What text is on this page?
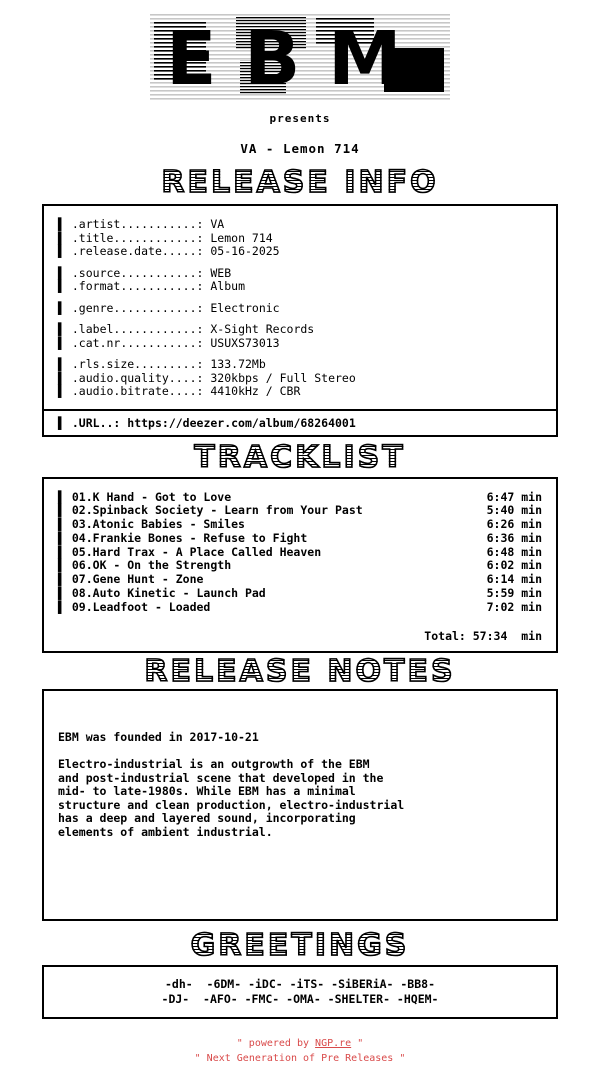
E B M
presents
VA - Lemon 714
RELEASE INFO
▌ .artist...........: VA
▌ .title............: Lemon 714
▌ .release.date.....: 05-16-2025
▌ .source...........: WEB
▌ .format...........: Album
▌ .genre............: Electronic
▌ .label............: X-Sight Records
▌ .cat.nr...........: USUXS73013
▌ .rls.size.........: 133.72Mb
▌ .audio.quality....: 320kbps / Full Stereo
▌ .audio.bitrate....: 4410kHz / CBR
▌ .URL..: https://deezer.com/album/68264001
TRACKLIST
▌ 01.K Hand - Got to Love	6:47 min
▌ 02.Spinback Society - Learn from Your Past	5:40 min
▌ 03.Atonic Babies - Smiles	6:26 min
▌ 04.Frankie Bones - Refuse to Fight	6:36 min
▌ 05.Hard Trax - A Place Called Heaven	6:48 min
▌ 06.OK - On the Strength	6:02 min
▌ 07.Gene Hunt - Zone	6:14 min
▌ 08.Auto Kinetic - Launch Pad	5:59 min
▌ 09.Leadfoot - Loaded	7:02 min
Total: 57:34  min
RELEASE NOTES
EBM was founded in 2017-10-21
Electro-industrial is an outgrowth of the EBM
and post-industrial scene that developed in the
mid- to late-1980s. While EBM has a minimal
structure and clean production, electro-industrial
has a deep and layered sound, incorporating
elements of ambient industrial.
GREETINGS
-dh-  -6DM- -iDC- -iTS- -SiBERiA- -BB8-
-DJ-  -AFO- -FMC- -OMA- -SHELTER- -HQEM-
" powered by NGP.re "
" Next Generation of Pre Releases "
